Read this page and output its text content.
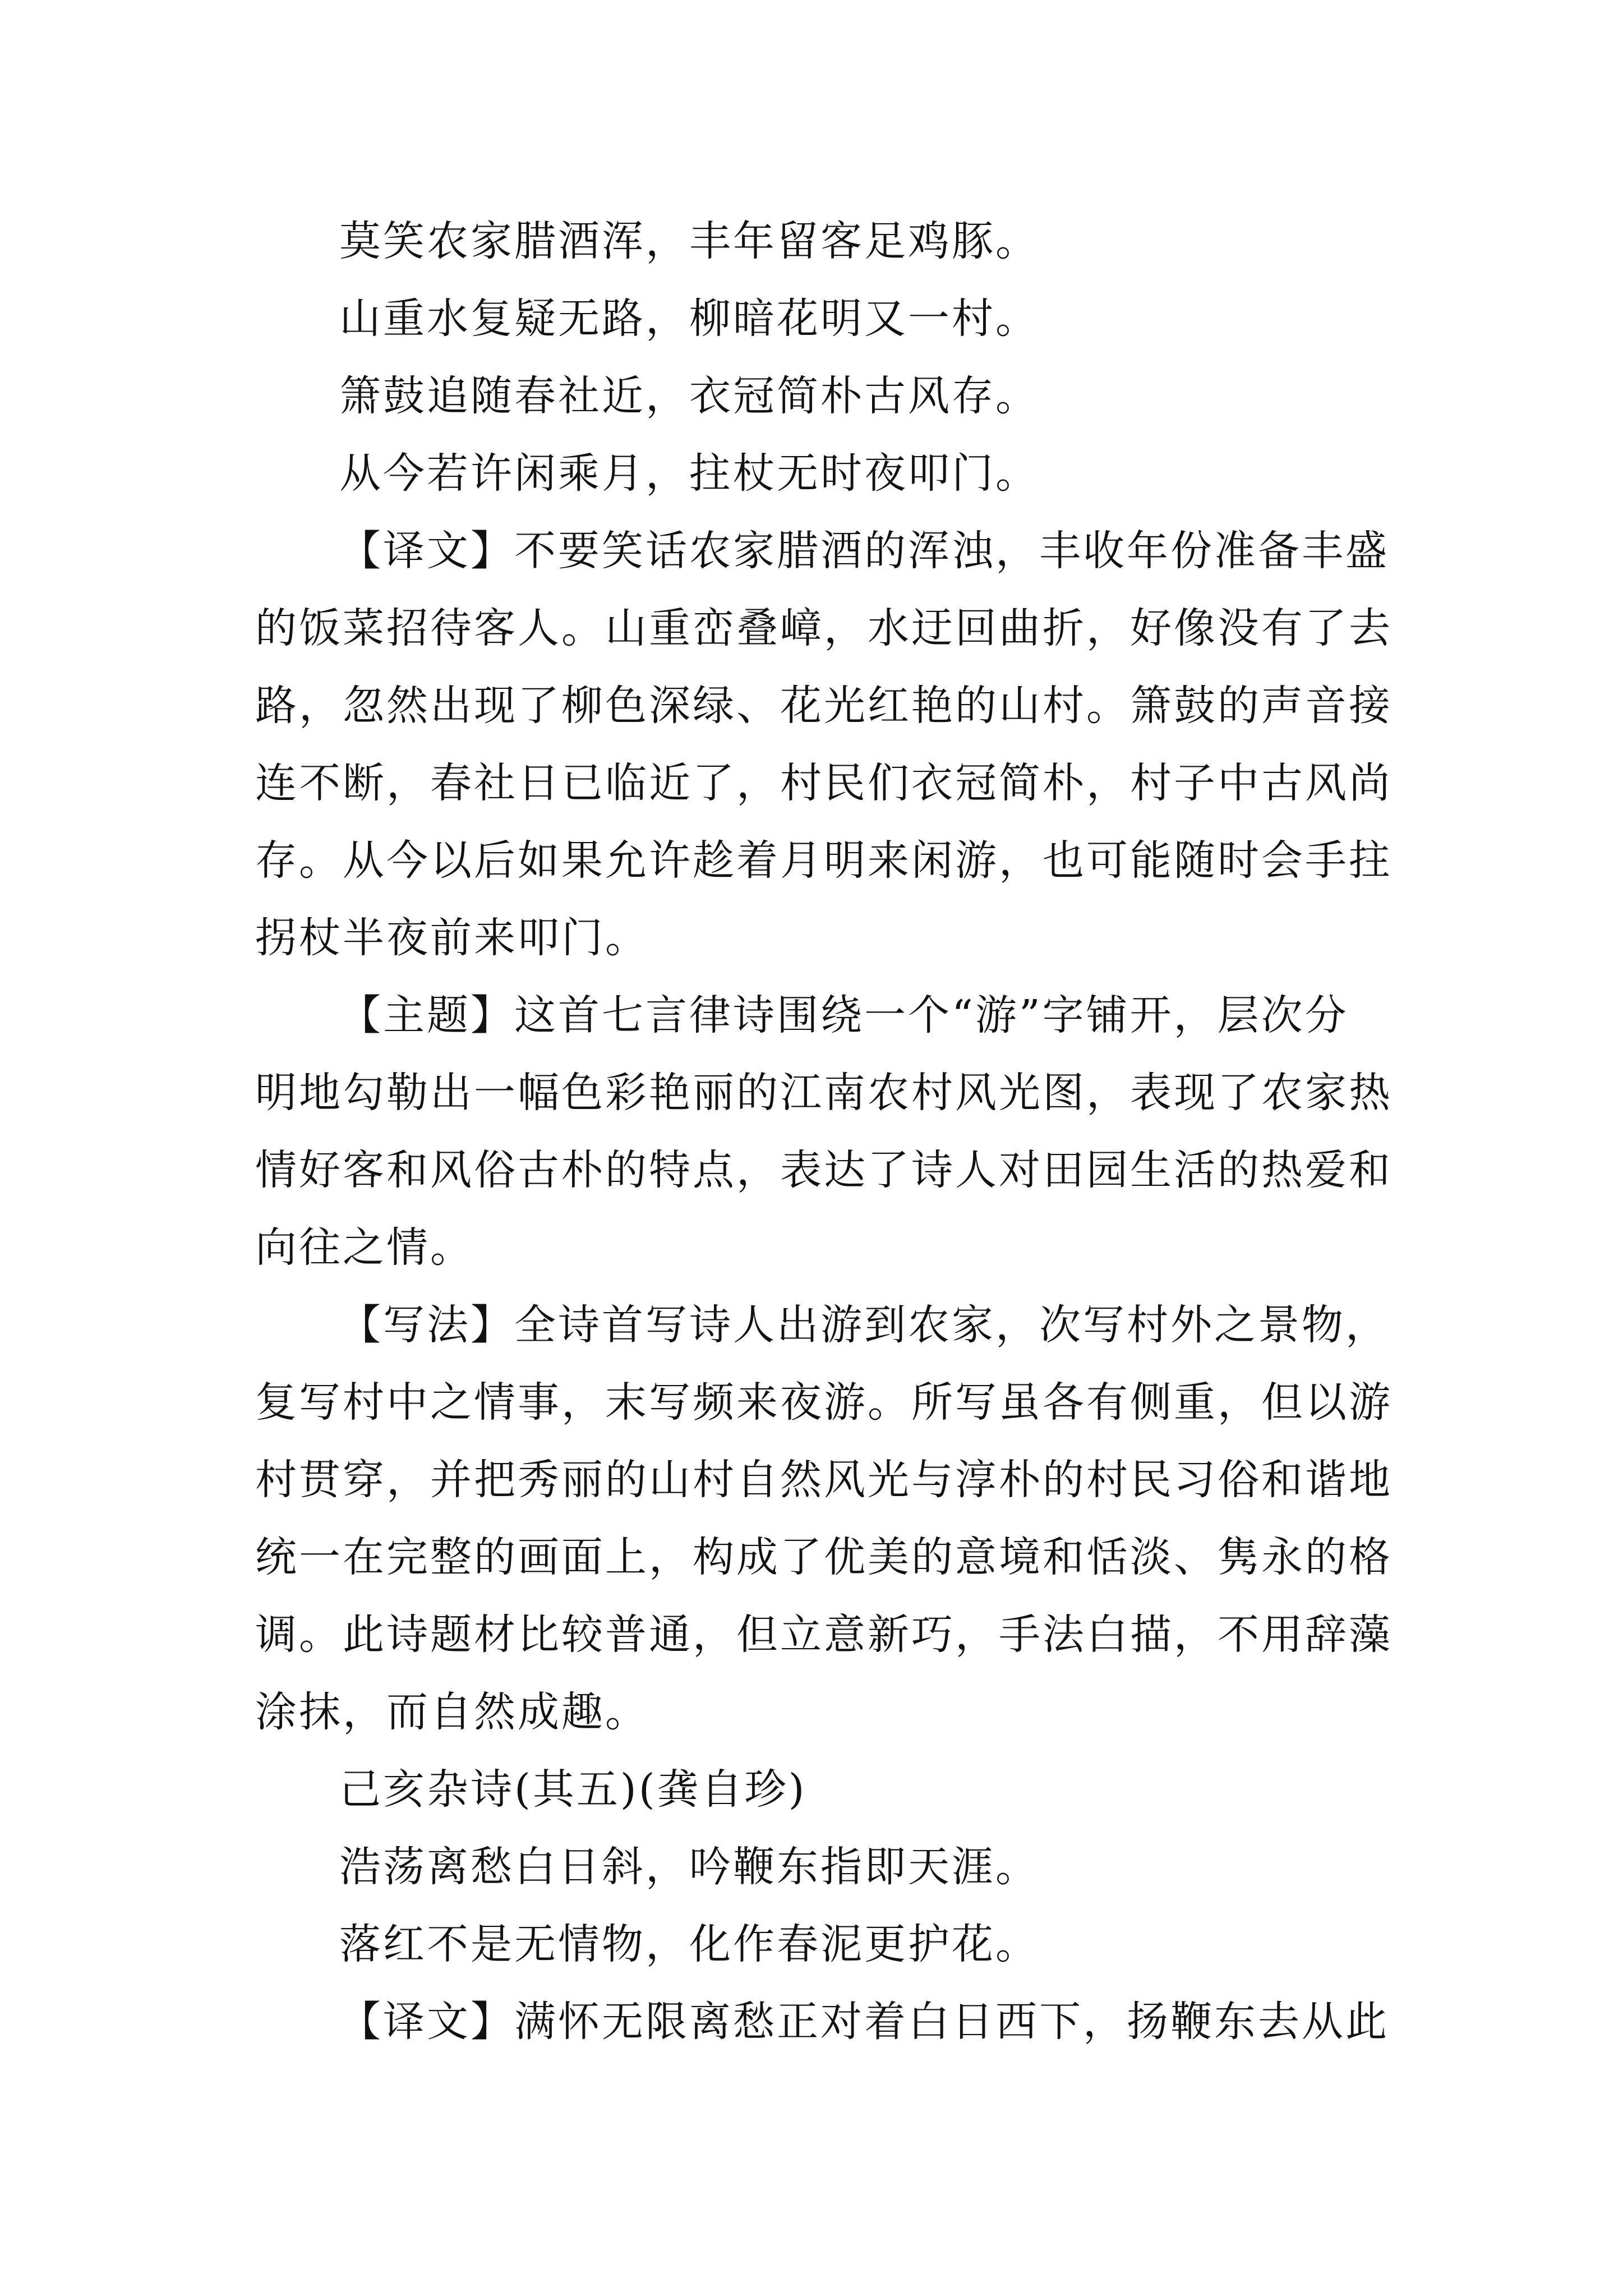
莫笑农家腊酒浑，丰年留客足鸡豚。
山重水复疑无路，柳暗花明又一村。
箫鼓追随春社近，衣冠简朴古风存。
从今若许闲乘月，拄杖无时夜叩门。
【译文】不要笑话农家腊酒的浑浊，丰收年份准备丰盛
的饭菜招待客人。山重峦叠嶂，水迂回曲折，好像没有了去
路，忽然出现了柳色深绿、花光红艳的山村。箫鼓的声音接
连不断，春社日已临近了，村民们衣冠简朴，村子中古风尚
存。从今以后如果允许趁着月明来闲游，也可能随时会手拄
拐杖半夜前来叩门。
【主题】这首七言律诗围绕一个“游”字铺开，层次分
明地勾勒出一幅色彩艳丽的江南农村风光图，表现了农家热
情好客和风俗古朴的特点，表达了诗人对田园生活的热爱和
向往之情。
【写法】全诗首写诗人出游到农家，次写村外之景物，
复写村中之情事，末写频来夜游。所写虽各有侧重，但以游
村贯穿，并把秀丽的山村自然风光与淳朴的村民习俗和谐地
统一在完整的画面上，构成了优美的意境和恬淡、隽永的格
调。此诗题材比较普通，但立意新巧，手法白描，不用辞藻
涂抹，而自然成趣。
己亥杂诗(其五)(龚自珍)
浩荡离愁白日斜，吟鞭东指即天涯。
落红不是无情物，化作春泥更护花。
【译文】满怀无限离愁正对着白日西下，扬鞭东去从此
